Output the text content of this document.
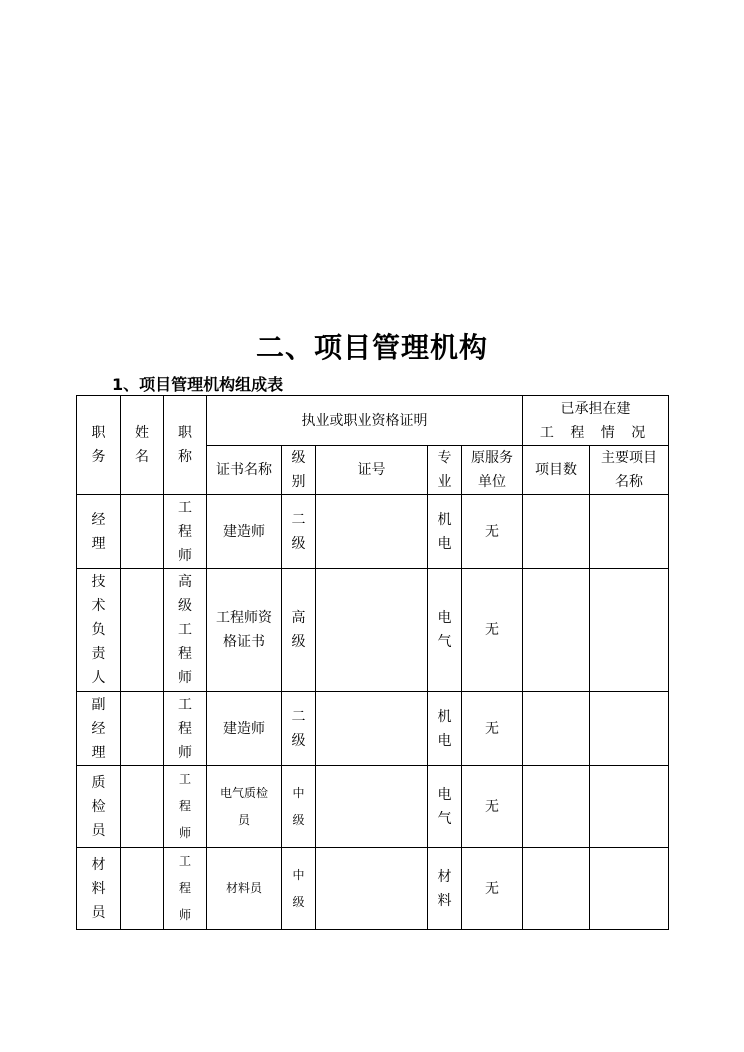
二、项目管理机构
1、项目管理机构组成表
职务	姓名	职称	执业或职业资格证明					已承担在建
工 程 情 况	

			证书名称	级别	证号	专业	原服务单位	项目数	主要项目名称
经理		工程师	建造师	二级		机电	无		
技术负责人		高级工程师	工程师资格证书	高级		电气	无		
副经理		工程师	建造师	二级		机电	无		
质检员		工程师	电气质检员	中级		电气	无		
材料员		工程师	材料员	中级		材料	无		
